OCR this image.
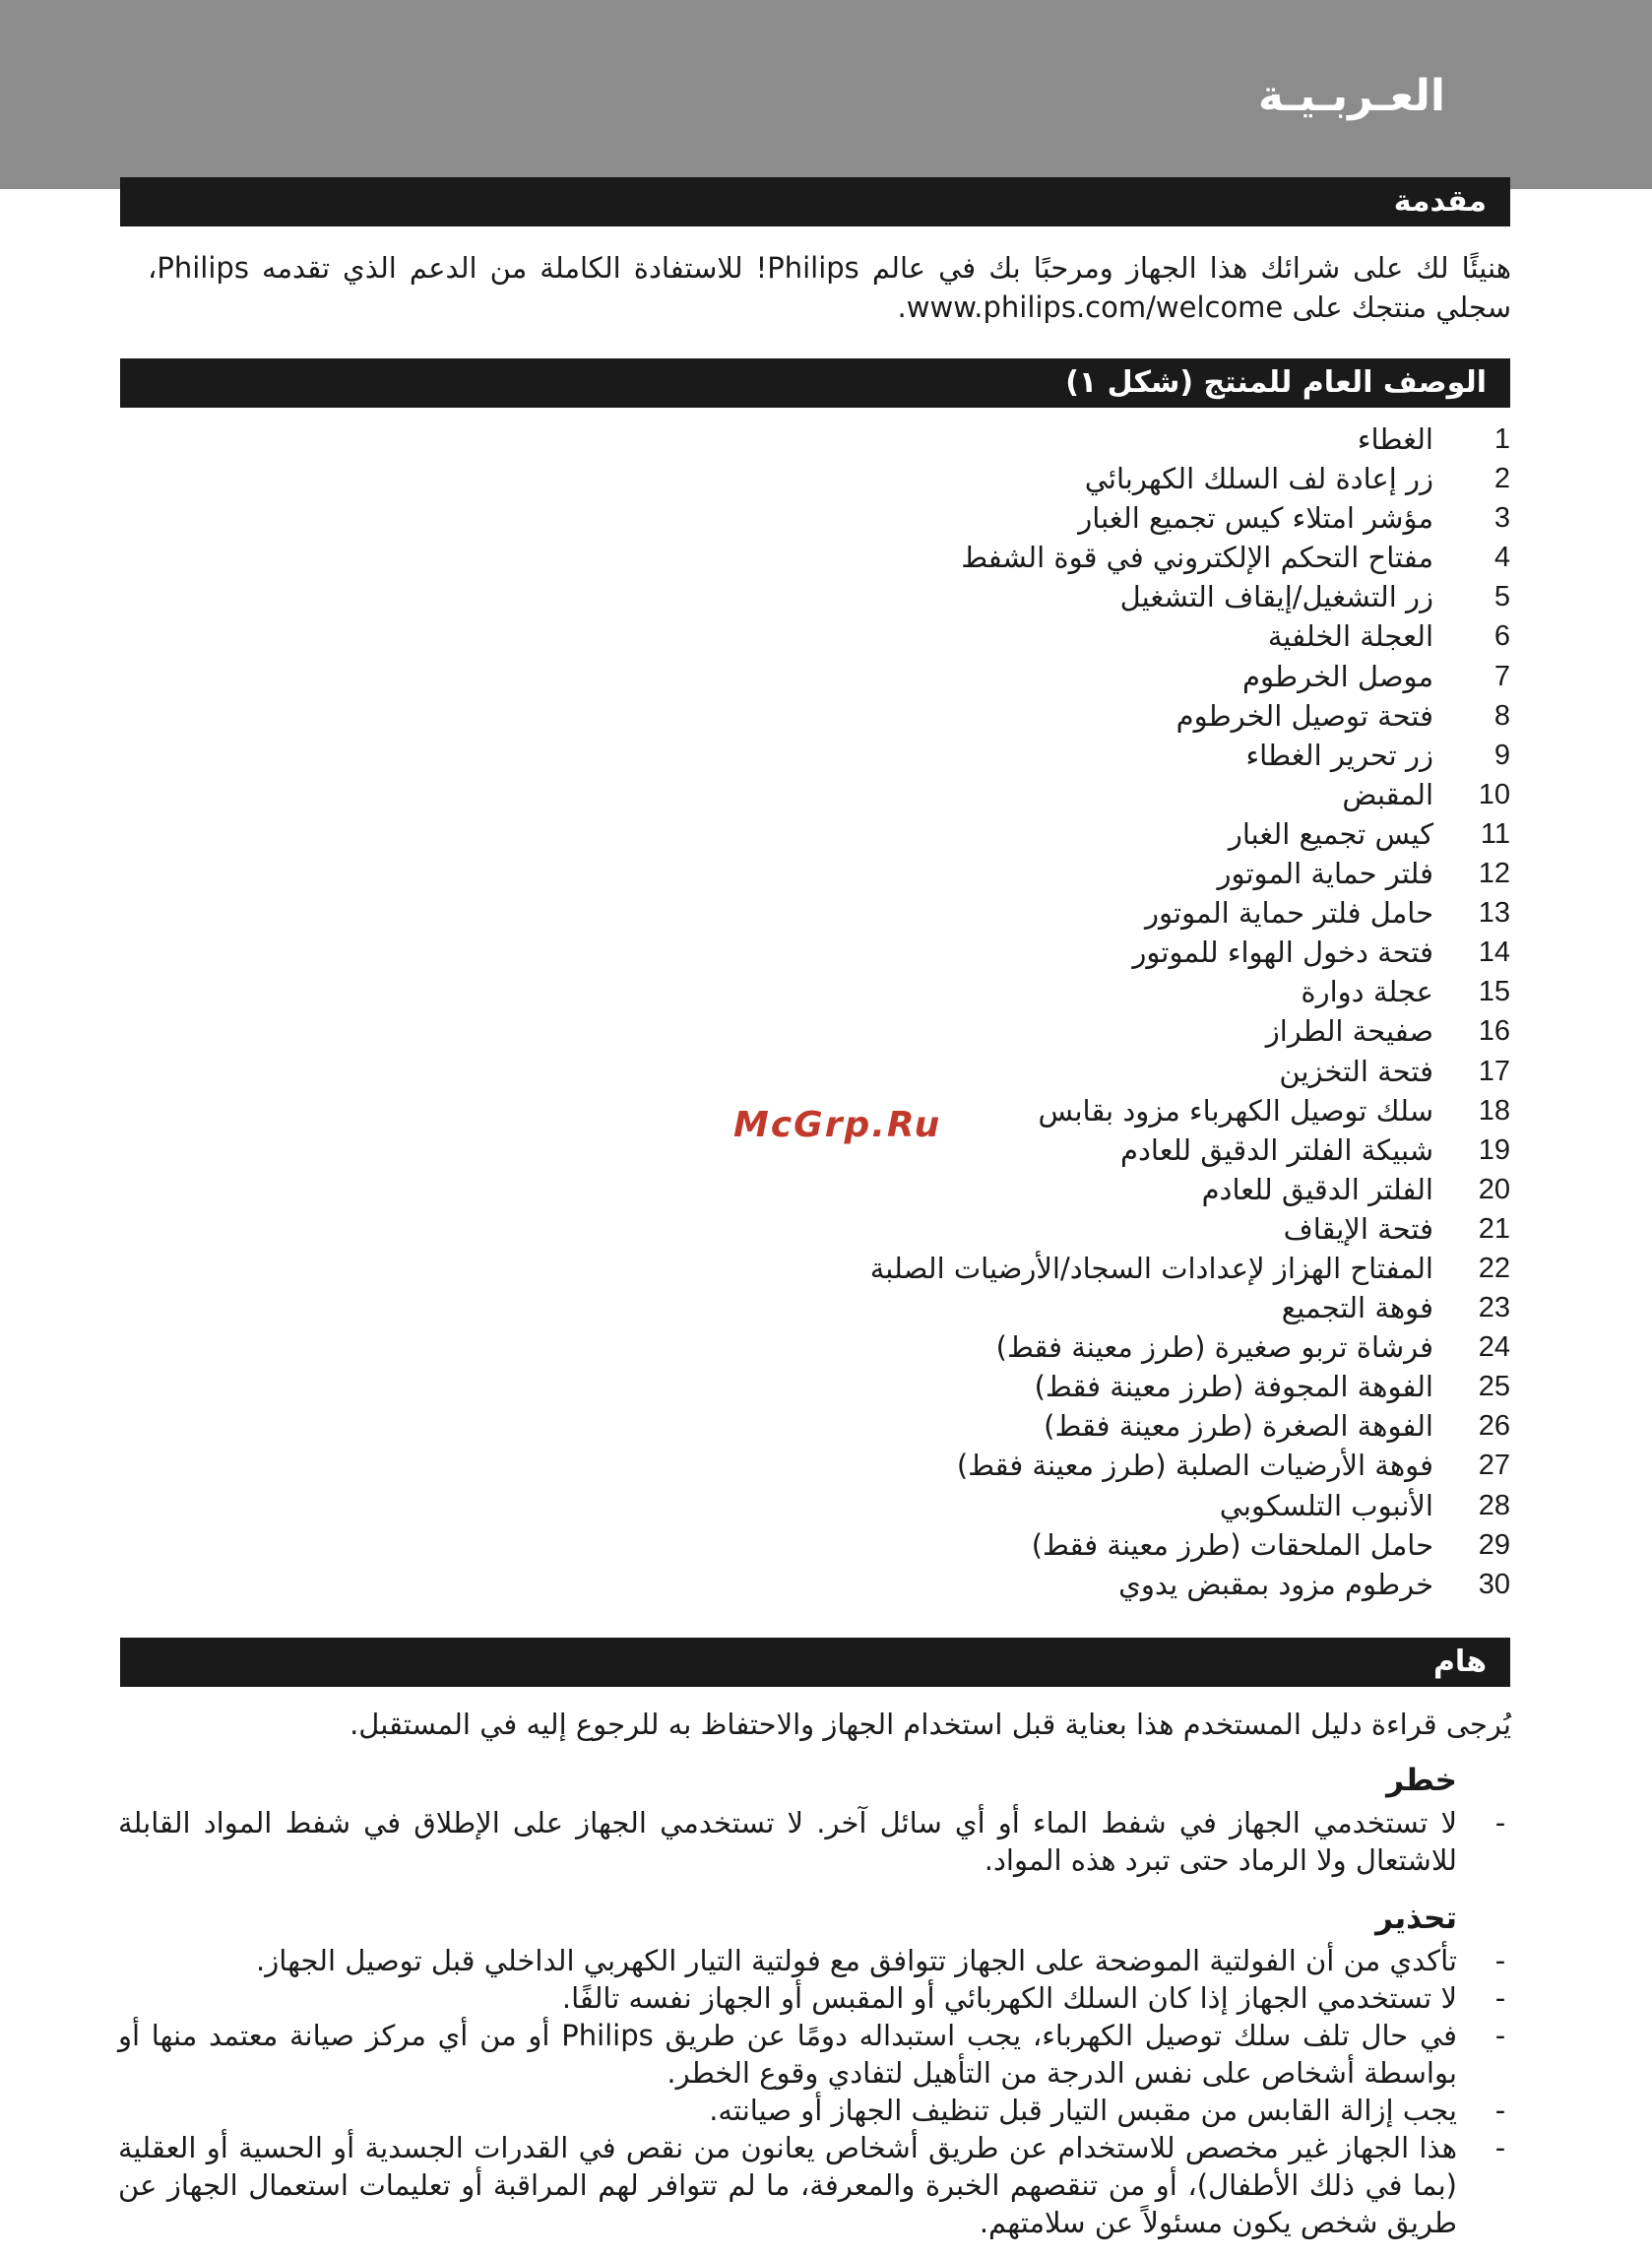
العـربـيـة
مقدمة
هنيئًا لك على شرائك هذا الجهاز ومرحبًا بك في عالم Philips! للاستفادة الكاملة من الدعم الذي تقدمه Philips، سجلي منتجك على www.philips.com/welcome.
الوصف العام للمنتج (شكل ١)
1
الغطاء
2
زر إعادة لف السلك الكهربائي
3
مؤشر امتلاء كيس تجميع الغبار
4
مفتاح التحكم الإلكتروني في قوة الشفط
5
زر التشغيل/إيقاف التشغيل
6
العجلة الخلفية
7
موصل الخرطوم
8
فتحة توصيل الخرطوم
9
زر تحرير الغطاء
10
المقبض
11
كيس تجميع الغبار
12
فلتر حماية الموتور
13
حامل فلتر حماية الموتور
14
فتحة دخول الهواء للموتور
15
عجلة دوارة
16
صفيحة الطراز
17
فتحة التخزين
18
سلك توصيل الكهرباء مزود بقابس
19
شبيكة الفلتر الدقيق للعادم
20
الفلتر الدقيق للعادم
21
فتحة الإيقاف
22
المفتاح الهزاز لإعدادات السجاد/الأرضيات الصلبة
23
فوهة التجميع
24
فرشاة تربو صغيرة (طرز معينة فقط)
25
الفوهة المجوفة (طرز معينة فقط)
26
الفوهة الصغرة (طرز معينة فقط)
27
فوهة الأرضيات الصلبة (طرز معينة فقط)
28
الأنبوب التلسكوبي
29
حامل الملحقات (طرز معينة فقط)
30
خرطوم مزود بمقبض يدوي
هام
يُرجى قراءة دليل المستخدم هذا بعناية قبل استخدام الجهاز والاحتفاظ به للرجوع إليه في المستقبل.
خطر
-
لا تستخدمي الجهاز في شفط الماء أو أي سائل آخر. لا تستخدمي الجهاز على الإطلاق في شفط المواد القابلة للاشتعال ولا الرماد حتى تبرد هذه المواد.
تحذير
-
تأكدي من أن الفولتية الموضحة على الجهاز تتوافق مع فولتية التيار الكهربي الداخلي قبل توصيل الجهاز.
-
لا تستخدمي الجهاز إذا كان السلك الكهربائي أو المقبس أو الجهاز نفسه تالفًا.
-
في حال تلف سلك توصيل الكهرباء، يجب استبداله دومًا عن طريق Philips أو من أي مركز صيانة معتمد منها أو بواسطة أشخاص على نفس الدرجة من التأهيل لتفادي وقوع الخطر.
-
يجب إزالة القابس من مقبس التيار قبل تنظيف الجهاز أو صيانته.
-
هذا الجهاز غير مخصص للاستخدام عن طريق أشخاص يعانون من نقص في القدرات الجسدية أو الحسية أو العقلية (بما في ذلك الأطفال)، أو من تنقصهم الخبرة والمعرفة، ما لم تتوافر لهم المراقبة أو تعليمات استعمال الجهاز عن طريق شخص يكون مسئولاً عن سلامتهم.
McGrp.Ru
